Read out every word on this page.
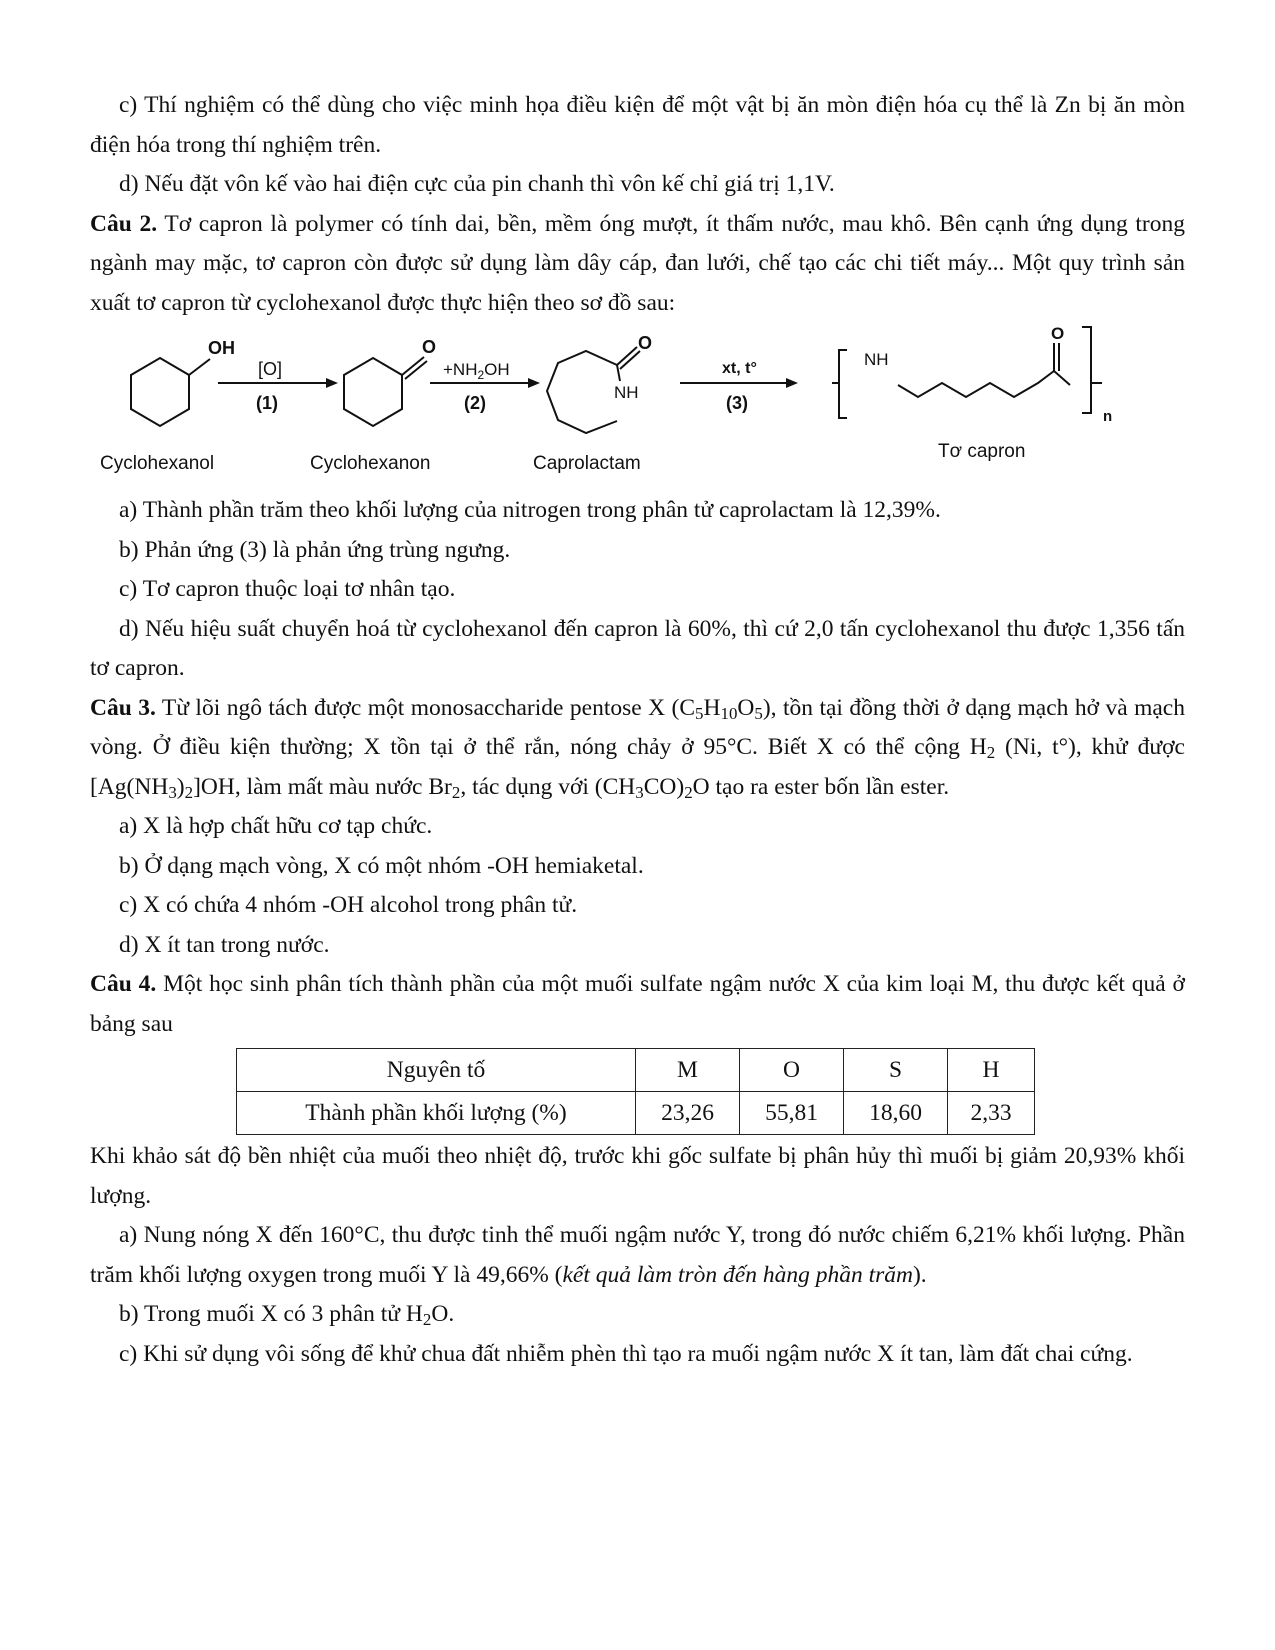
c) Thí nghiệm có thể dùng cho việc minh họa điều kiện để một vật bị ăn mòn điện hóa cụ thể là Zn bị ăn mòn điện hóa trong thí nghiệm trên.

d) Nếu đặt vôn kế vào hai điện cực của pin chanh thì vôn kế chỉ giá trị 1,1V.

Câu 2. Tơ capron là polymer có tính dai, bền, mềm óng mượt, ít thấm nước, mau khô. Bên cạnh ứng dụng trong ngành may mặc, tơ capron còn được sử dụng làm dây cáp, đan lưới, chế tạo các chi tiết máy... Một quy trình sản xuất tơ capron từ cyclohexanol được thực hiện theo sơ đồ sau:

OH	O	O
NH
NH
O
n
[O]
(1)
$+NH_2OH$
(2)
xt, t°
(3)
Cyclohexanol	Cyclohexanon	Caprolactam
Tơ capron

a) Thành phần trăm theo khối lượng của nitrogen trong phân tử caprolactam là 12,39%.

b) Phản ứng (3) là phản ứng trùng ngưng.

c) Tơ capron thuộc loại tơ nhân tạo.

d) Nếu hiệu suất chuyển hoá từ cyclohexanol đến capron là 60%, thì cứ 2,0 tấn cyclohexanol thu được 1,356 tấn tơ capron.

Câu 3. Từ lõi ngô tách được một monosaccharide pentose X $(C_5H_{10}O_5)$, tồn tại đồng thời ở dạng mạch hở và mạch vòng. Ở điều kiện thường; X tồn tại ở thể rắn, nóng chảy ở 95°C. Biết X có thể cộng $H_2$ (Ni, t°), khử được $[Ag(NH_3)_2]OH$, làm mất màu nước $Br_2$, tác dụng với $(CH_3CO)_2O$ tạo ra ester bốn lần ester.

a) X là hợp chất hữu cơ tạp chức.

b) Ở dạng mạch vòng, X có một nhóm -OH hemiaketal.

c) X có chứa 4 nhóm -OH alcohol trong phân tử.

d) X ít tan trong nước.

Câu 4. Một học sinh phân tích thành phần của một muối sulfate ngậm nước X của kim loại M, thu được kết quả ở bảng sau

Nguyên tố	M	O	S	H
Thành phần khối lượng (%)	23,26	55,81	18,60	2,33

Khi khảo sát độ bền nhiệt của muối theo nhiệt độ, trước khi gốc sulfate bị phân hủy thì muối bị giảm 20,93% khối lượng.

a) Nung nóng X đến 160°C, thu được tinh thể muối ngậm nước Y, trong đó nước chiếm 6,21% khối lượng. Phần trăm khối lượng oxygen trong muối Y là 49,66% (kết quả làm tròn đến hàng phần trăm).

b) Trong muối X có 3 phân tử $H_2O$.

c) Khi sử dụng vôi sống để khử chua đất nhiễm phèn thì tạo ra muối ngậm nước X ít tan, làm đất chai cứng.
